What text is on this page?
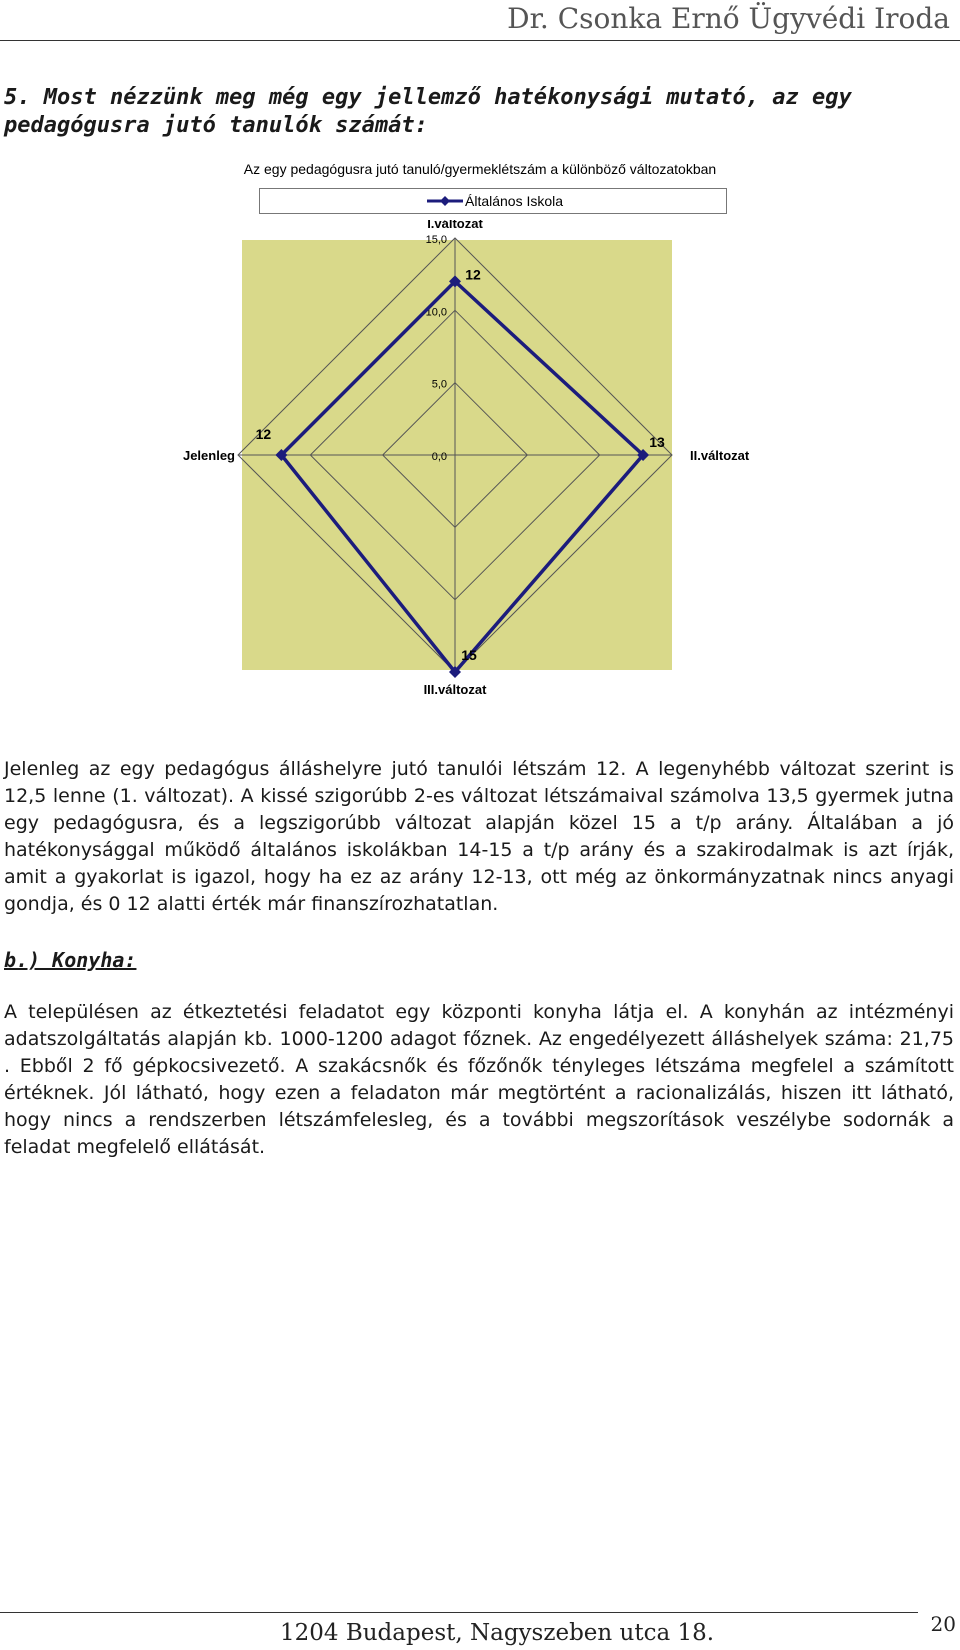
Dr. Csonka Ernő Ügyvédi Iroda
5. Most nézzünk meg még egy jellemző hatékonysági mutató, az egy pedagógusra jutó tanulók számát:
Az egy pedagógusra jutó tanuló/gyermeklétszám a különböző változatokban
Általános Iskola
0,0
5,0
10,0
15,0
I.változat
II.változat
III.változat
Jelenleg
12
13
15
12
Jelenleg az egy pedagógus álláshelyre jutó tanulói létszám 12. A legenyhébb változat szerint is 12,5 lenne (1. változat). A kissé szigorúbb 2-es változat létszámaival számolva 13,5 gyermek jutna egy pedagógusra, és a legszigorúbb változat alapján közel 15 a t/p arány. Általában a jó hatékonysággal működő általános iskolákban 14-15 a t/p arány és a szakirodalmak is azt írják, amit a gyakorlat is igazol, hogy ha ez az arány 12-13, ott még az önkormányzatnak nincs anyagi gondja, és 0 12 alatti érték már finanszírozhatatlan.
b.) Konyha:
A településen az étkeztetési feladatot egy központi konyha látja el. A konyhán az intézményi adatszolgáltatás alapján kb. 1000-1200 adagot főznek. Az engedélyezett álláshelyek száma: 21,75 . Ebből 2 fő gépkocsivezető. A szakácsnők és főzőnők tényleges létszáma megfelel a számított értéknek. Jól látható, hogy ezen a feladaton már megtörtént a racionalizálás, hiszen itt látható, hogy nincs a rendszerben létszámfelesleg, és a további megszorítások veszélybe sodornák a feladat megfelelő ellátását.
1204 Budapest, Nagyszeben utca 18.	20
